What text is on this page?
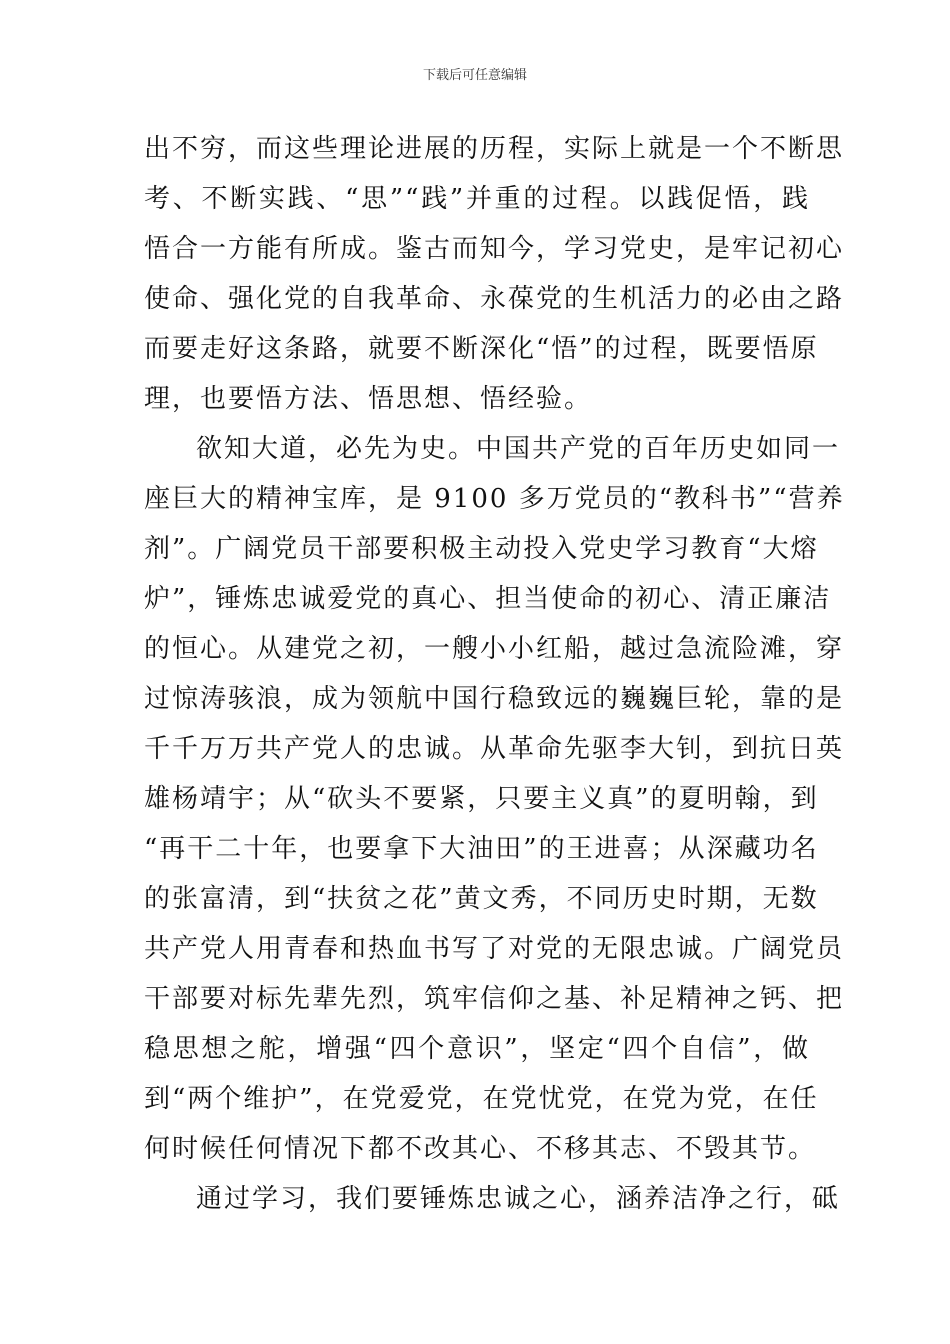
下载后可任意编辑
出不穷，而这些理论进展的历程，实际上就是一个不断思
考、不断实践、“思”“践”并重的过程。以践促悟，践
悟合一方能有所成。鉴古而知今，学习党史，是牢记初心
使命、强化党的自我革命、永葆党的生机活力的必由之路
而要走好这条路，就要不断深化“悟”的过程，既要悟原
理，也要悟方法、悟思想、悟经验。
欲知大道，必先为史。中国共产党的百年历史如同一
座巨大的精神宝库，是 9100 多万党员的“教科书”“营养
剂”。广阔党员干部要积极主动投入党史学习教育“大熔
炉”，锤炼忠诚爱党的真心、担当使命的初心、清正廉洁
的恒心。从建党之初，一艘小小红船，越过急流险滩，穿
过惊涛骇浪，成为领航中国行稳致远的巍巍巨轮，靠的是
千千万万共产党人的忠诚。从革命先驱李大钊，到抗日英
雄杨靖宇；从“砍头不要紧，只要主义真”的夏明翰，到
“再干二十年，也要拿下大油田”的王进喜；从深藏功名
的张富清，到“扶贫之花”黄文秀，不同历史时期，无数
共产党人用青春和热血书写了对党的无限忠诚。广阔党员
干部要对标先辈先烈，筑牢信仰之基、补足精神之钙、把
稳思想之舵，增强“四个意识”，坚定“四个自信”，做
到“两个维护”，在党爱党，在党忧党，在党为党，在任
何时候任何情况下都不改其心、不移其志、不毁其节。
通过学习，我们要锤炼忠诚之心，涵养洁净之行，砥
